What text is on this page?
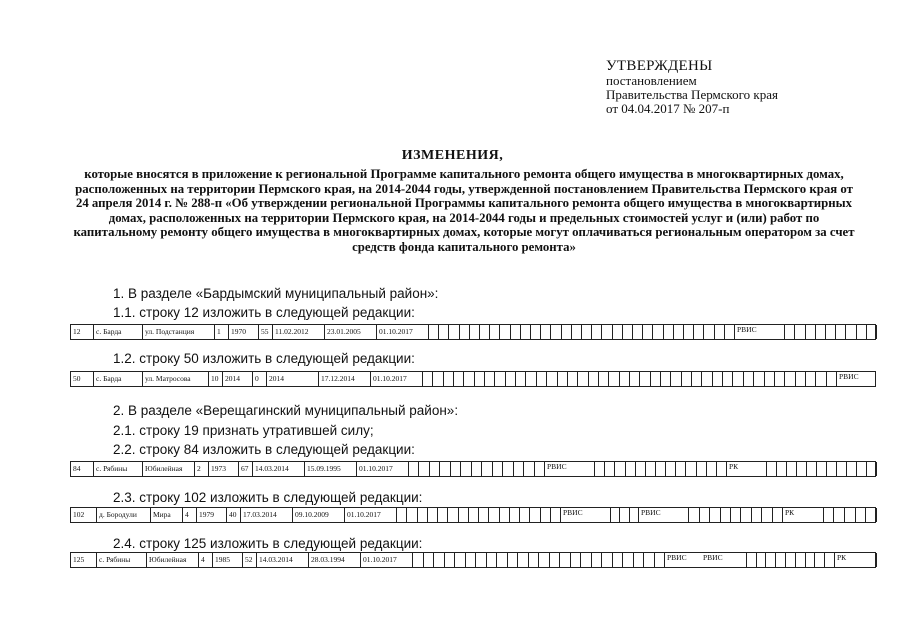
УТВЕРЖДЕНЫ
постановлением
Правительства Пермского края
от 04.04.2017 № 207-п
ИЗМЕНЕНИЯ,
которые вносятся в приложение к региональной Программе капитального ремонта общего имущества в многоквартирных домах, расположенных на территории Пермского края, на 2014-2044 годы, утвержденной постановлением Правительства Пермского края от 24 апреля 2014 г. № 288-п «Об утверждении региональной Программы капитального ремонта общего имущества в многоквартирных домах, расположенных на территории Пермского края, на 2014-2044 годы и предельных стоимостей услуг и (или) работ по капитальному ремонту общего имущества в многоквартирных домах, которые могут оплачиваться региональным оператором за счет средств фонда капитального ремонта»
1. В разделе «Бардымский муниципальный район»:
1.1. строку 12 изложить в следующей редакции:
1.2. строку 50 изложить в следующей редакции:
2. В разделе «Верещагинский муниципальный район»:
2.1. строку 19 признать утратившей силу;
2.2. строку 84 изложить в следующей редакции:
2.3. строку 102 изложить в следующей редакции:
2.4. строку 125 изложить в следующей редакции:
12	с. Барда	ул. Подстанция	1	1970	55 11.02.2012	23.01.2005	01.10.2017	РВИС
50	с. Барда	ул. Матросова	10 2014	0	2014	17.12.2014	01.10.2017	РВИС
84	с. Рябины	Юбилейная	2	1973	67 14.03.2014	15.09.1995	01.10.2017	РВИС	РК
102	д. Бородули	Мира	4	1979	40 17.03.2014	09.10.2009	01.10.2017	РВИС	РВИС	РК
125	с. Рябины	Юбилейная	4	1985	52 14.03.2014	28.03.1994	01.10.2017	РВИС	РВИС	РК
